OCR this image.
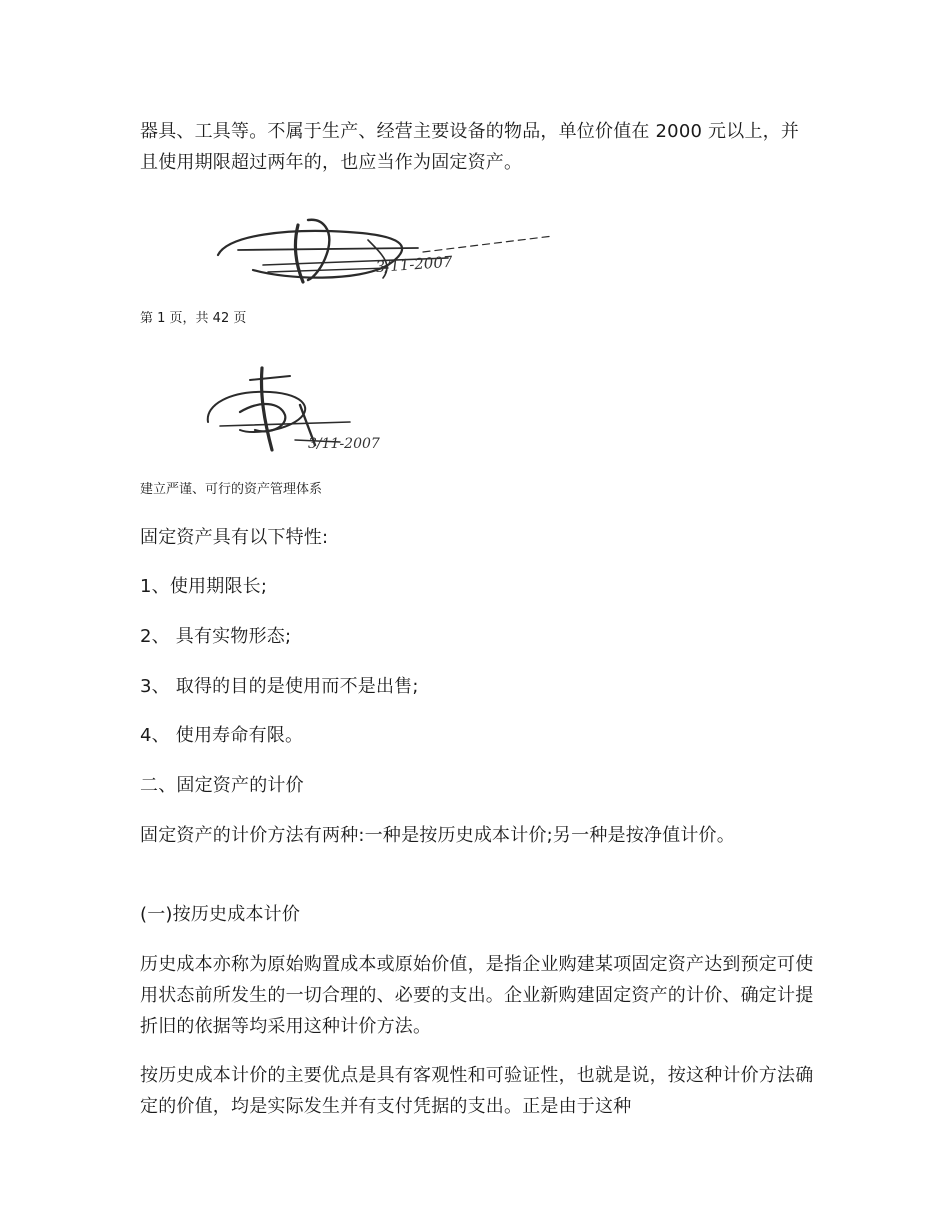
器具、工具等。不属于生产、经营主要设备的物品，单位价值在 2000 元以上，并且使用期限超过两年的，也应当作为固定资产。

3/11-2007

第 1 页，共 42 页

3/11-2007

建立严谨、可行的资产管理体系

固定资产具有以下特性:

1、使用期限长;

2、 具有实物形态;

3、 取得的目的是使用而不是出售;

4、 使用寿命有限。

二、固定资产的计价

固定资产的计价方法有两种:一种是按历史成本计价;另一种是按净值计价。

(一)按历史成本计价

历史成本亦称为原始购置成本或原始价值，是指企业购建某项固定资产达到预定可使用状态前所发生的一切合理的、必要的支出。企业新购建固定资产的计价、确定计提折旧的依据等均采用这种计价方法。

按历史成本计价的主要优点是具有客观性和可验证性，也就是说，按这种计价方法确定的价值，均是实际发生并有支付凭据的支出。正是由于这种
